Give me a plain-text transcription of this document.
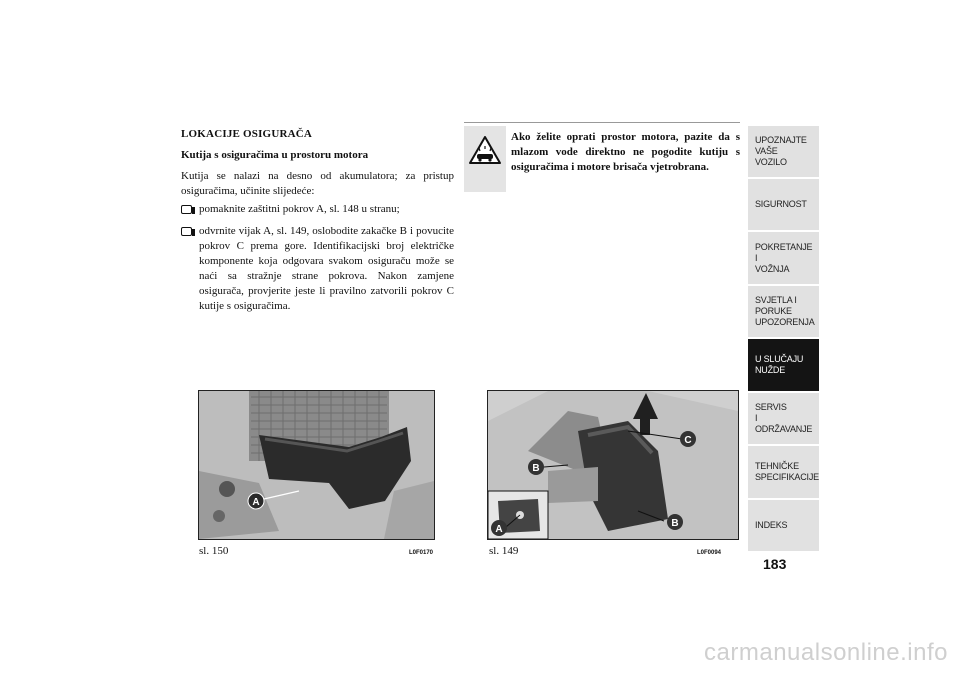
LOKACIJE OSIGURAČA
Kutija s osiguračima u prostoru motora
Kutija se nalazi na desno od akumulatora; za pristup osiguračima, učinite slijedeće:
pomaknite zaštitni pokrov A, sl. 148 u stranu;
odvrnite vijak A, sl. 149, oslobodite zakačke B i povucite pokrov C prema gore. Identifikacijski broj električke komponente koja odgovara svakom osiguraču može se naći sa stražnje strane pokrova. Nakon zamjene osigurača, provjerite jeste li pravilno zatvorili pokrov C kutije s osiguračima.
Ako želite oprati prostor motora, pazite da s mlazom vode direktno ne pogodite kutiju s osiguračima i motore brisača vjetrobrana.
A
sl. 150	L0F0170
C
B
B
A
sl. 149	L0F0094
UPOZNAJTE
VAŠE
VOZILO
SIGURNOST
POKRETANJE
I
VOŽNJA
SVJETLA I
PORUKE
UPOZORENJA
U SLUČAJU
NUŽDE
SERVIS
I
ODRŽAVANJE
TEHNIČKE
SPECIFIKACIJE
INDEKS
183
carmanualsonline.info
